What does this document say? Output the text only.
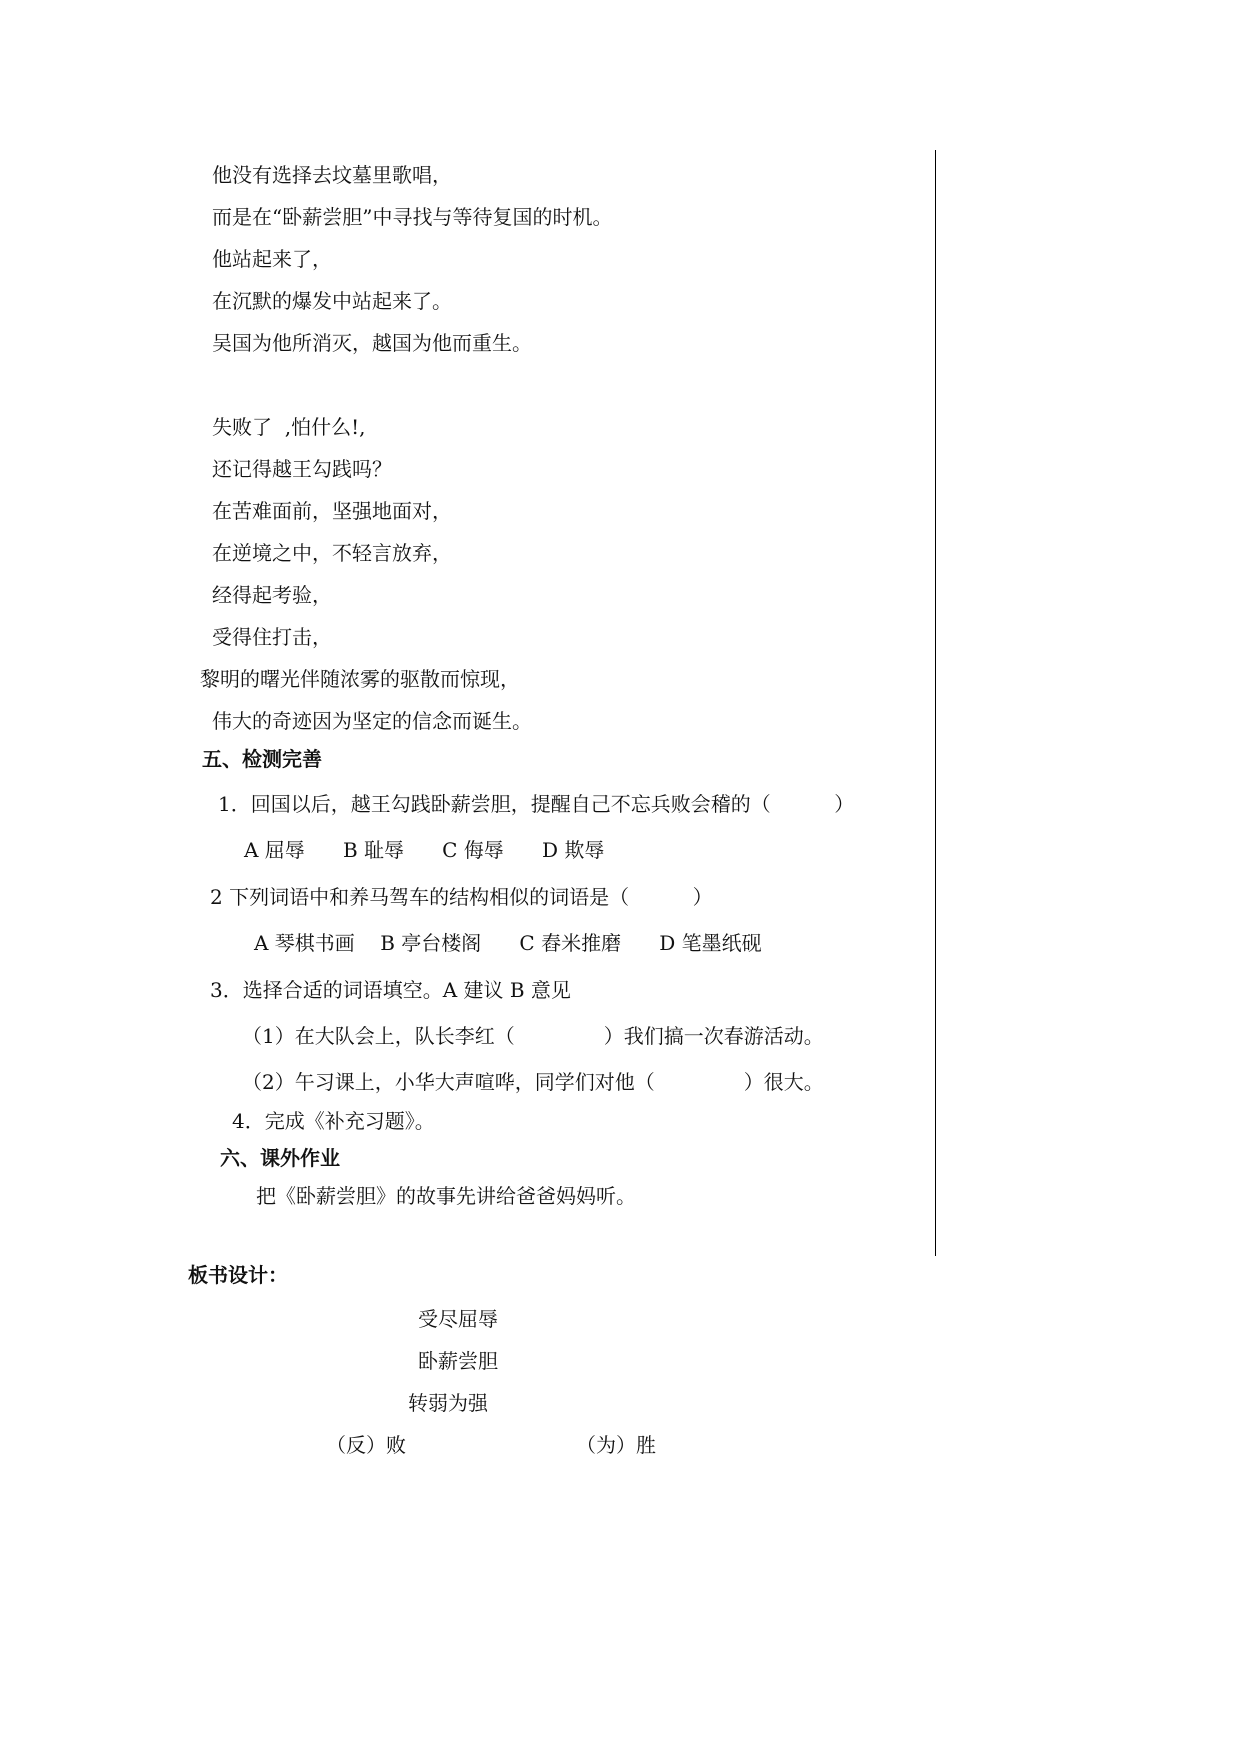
他没有选择去坟墓里歌唱，
而是在“卧薪尝胆”中寻找与等待复国的时机。
他站起来了，
在沉默的爆发中站起来了。
吴国为他所消灭，越国为他而重生。
失败了  ,怕什么!,
还记得越王勾践吗？
在苦难面前，坚强地面对，
在逆境之中，不轻言放弃，
经得起考验，
受得住打击，
黎明的曙光伴随浓雾的驱散而惊现，
伟大的奇迹因为坚定的信念而诞生。
五、检测完善
1．回国以后，越王勾践卧薪尝胆，提醒自己不忘兵败会稽的（          ）
A 屈辱      B 耻辱      C 侮辱      D 欺辱
2 下列词语中和养马驾车的结构相似的词语是（          ）
A 琴棋书画    B 亭台楼阁      C 舂米推磨      D 笔墨纸砚
3．选择合适的词语填空。A 建议 B 意见
（1）在大队会上，队长李红（              ）我们搞一次春游活动。
（2）午习课上，小华大声喧哗，同学们对他（              ）很大。
4．完成《补充习题》。
六、课外作业
把《卧薪尝胆》的故事先讲给爸爸妈妈听。
板书设计：
受尽屈辱
卧薪尝胆
转弱为强
（反）败	（为）胜
